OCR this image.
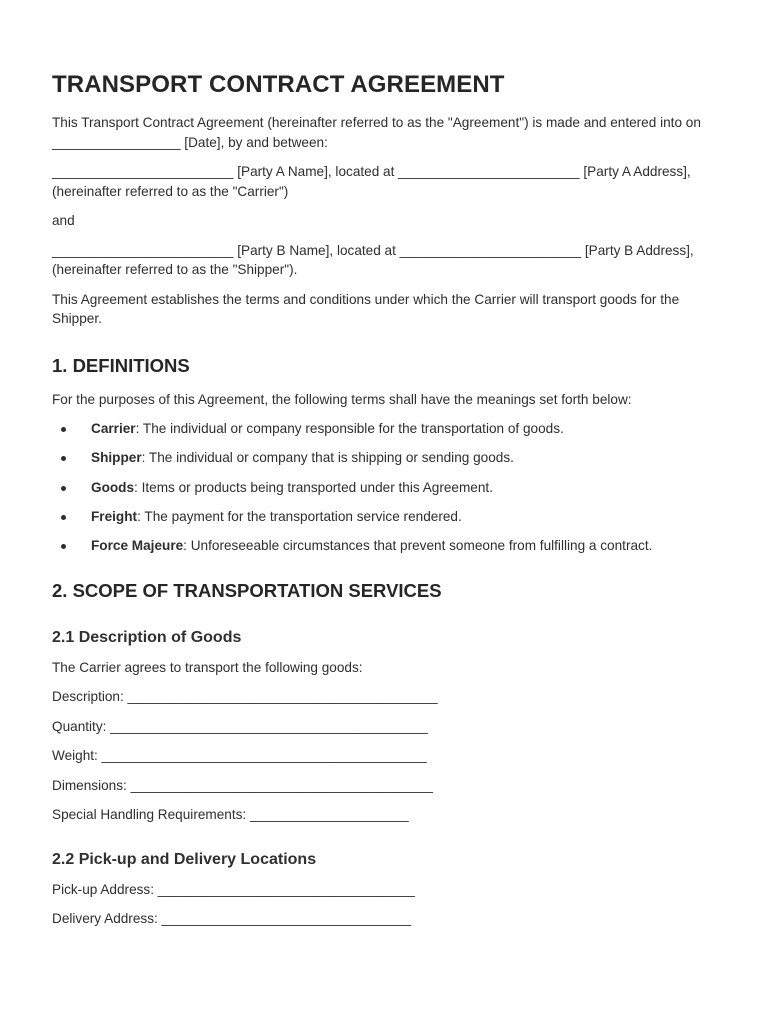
TRANSPORT CONTRACT AGREEMENT

This Transport Contract Agreement (hereinafter referred to as the "Agreement") is made and entered into on _________________ [Date], by and between:

________________________ [Party A Name], located at ________________________ [Party A Address], (hereinafter referred to as the "Carrier")

and

________________________ [Party B Name], located at ________________________ [Party B Address], (hereinafter referred to as the "Shipper").

This Agreement establishes the terms and conditions under which the Carrier will transport goods for the Shipper.

1. DEFINITIONS

For the purposes of this Agreement, the following terms shall have the meanings set forth below:

Carrier: The individual or company responsible for the transportation of goods.
Shipper: The individual or company that is shipping or sending goods.
Goods: Items or products being transported under this Agreement.
Freight: The payment for the transportation service rendered.
Force Majeure: Unforeseeable circumstances that prevent someone from fulfilling a contract.
2. SCOPE OF TRANSPORTATION SERVICES
2.1 Description of Goods

The Carrier agrees to transport the following goods:

Description: _________________________________________

Quantity: __________________________________________

Weight: ___________________________________________

Dimensions: ________________________________________

Special Handling Requirements: _____________________

2.2 Pick-up and Delivery Locations

Pick-up Address: __________________________________

Delivery Address: _________________________________
